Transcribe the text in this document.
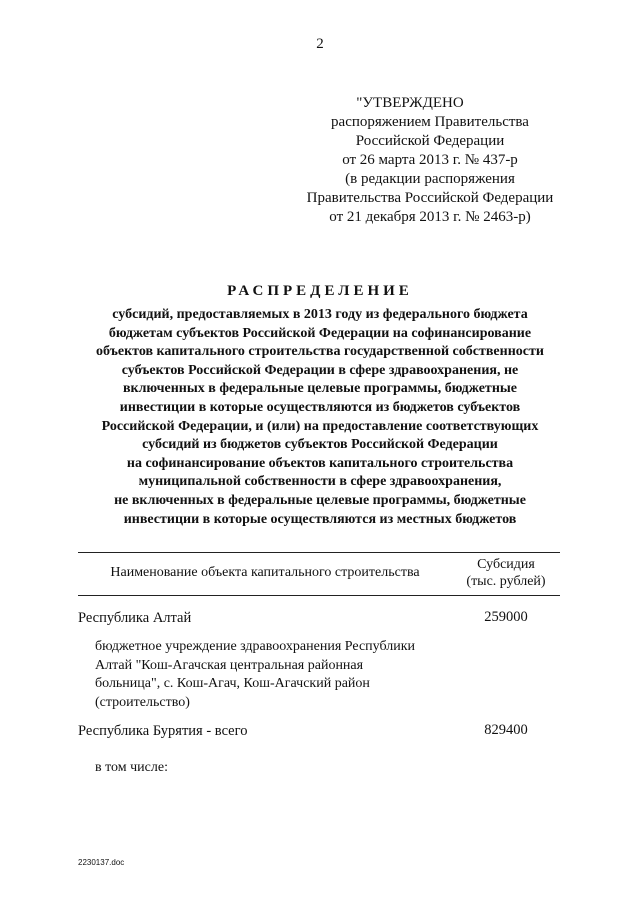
2
"УТВЕРЖДЕНО
распоряжением Правительства
Российской Федерации
от 26 марта 2013 г. № 437-р
(в редакции распоряжения
Правительства Российской Федерации
от 21 декабря 2013 г. № 2463-р)
РАСПРЕДЕЛЕНИЕ
субсидий, предоставляемых в 2013 году из федерального бюджета
бюджетам субъектов Российской Федерации на софинансирование
объектов капитального строительства государственной собственности
субъектов Российской Федерации в сфере здравоохранения, не
включенных в федеральные целевые программы, бюджетные
инвестиции в которые осуществляются из бюджетов субъектов
Российской Федерации, и (или) на предоставление соответствующих
субсидий из бюджетов субъектов Российской Федерации
на софинансирование объектов капитального строительства
муниципальной собственности в сфере здравоохранения,
не включенных в федеральные целевые программы, бюджетные
инвестиции в которые осуществляются из местных бюджетов
Наименование объекта капитального строительства
Субсидия
(тыс. рублей)
Республика Алтай	259000
бюджетное учреждение здравоохранения Республики
Алтай "Кош-Агачская центральная районная
больница", с. Кош-Агач, Кош-Агачский район
(строительство)
Республика Бурятия - всего	829400
в том числе:
2230137.doc
